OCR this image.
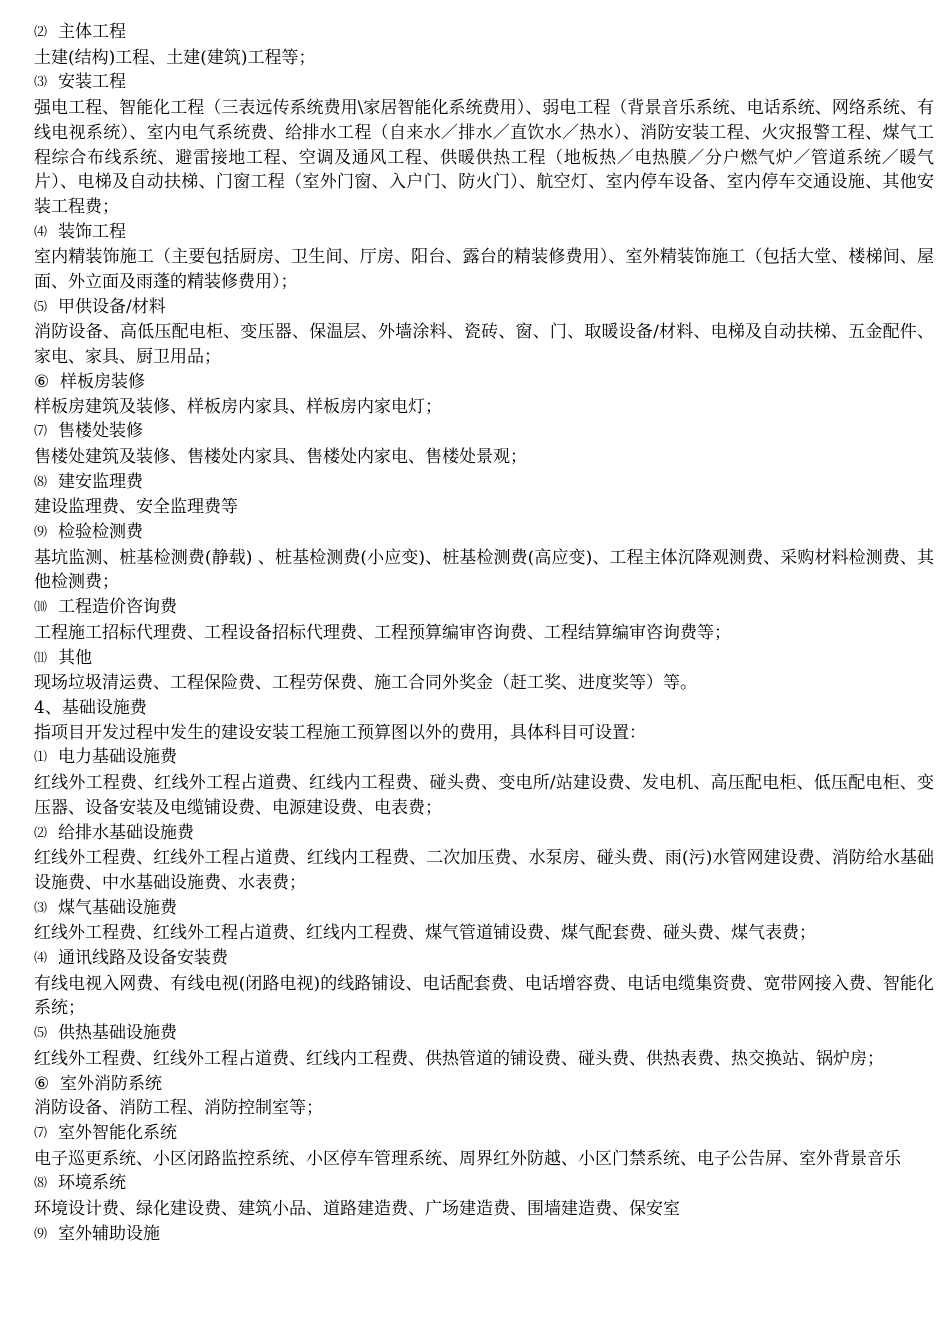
⑵ 主体工程

土建(结构)工程、土建(建筑)工程等；

⑶ 安装工程

强电工程、智能化工程（三表远传系统费用\家居智能化系统费用）、弱电工程（背景音乐系统、电话系统、网络系统、有线电视系统）、室内电气系统费、给排水工程（自来水／排水／直饮水／热水）、消防安装工程、火灾报警工程、煤气工程综合布线系统、避雷接地工程、空调及通风工程、供暖供热工程（地板热／电热膜／分户燃气炉／管道系统／暖气片）、电梯及自动扶梯、门窗工程（室外门窗、入户门、防火门）、航空灯、室内停车设备、室内停车交通设施、其他安装工程费；

⑷ 装饰工程

室内精装饰施工（主要包括厨房、卫生间、厅房、阳台、露台的精装修费用）、室外精装饰施工（包括大堂、楼梯间、屋面、外立面及雨蓬的精装修费用）；

⑸ 甲供设备/材料

消防设备、高低压配电柜、变压器、保温层、外墙涂料、瓷砖、窗、门、取暖设备/材料、电梯及自动扶梯、五金配件、家电、家具、厨卫用品；

⑥ 样板房装修

样板房建筑及装修、样板房内家具、样板房内家电灯；

⑺ 售楼处装修

售楼处建筑及装修、售楼处内家具、售楼处内家电、售楼处景观；

⑻ 建安监理费

建设监理费、安全监理费等

⑼ 检验检测费

基坑监测、桩基检测费(静载) 、桩基检测费(小应变)、桩基检测费(高应变)、工程主体沉降观测费、采购材料检测费、其他检测费；

⑽ 工程造价咨询费

工程施工招标代理费、工程设备招标代理费、工程预算编审咨询费、工程结算编审咨询费等；

⑾ 其他

现场垃圾清运费、工程保险费、工程劳保费、施工合同外奖金（赶工奖、进度奖等）等。

4、基础设施费

指项目开发过程中发生的建设安装工程施工预算图以外的费用，具体科目可设置：

⑴ 电力基础设施费

红线外工程费、红线外工程占道费、红线内工程费、碰头费、变电所/站建设费、发电机、高压配电柜、低压配电柜、变压器、设备安装及电缆铺设费、电源建设费、电表费；

⑵ 给排水基础设施费

红线外工程费、红线外工程占道费、红线内工程费、二次加压费、水泵房、碰头费、雨(污)水管网建设费、消防给水基础设施费、中水基础设施费、水表费；

⑶ 煤气基础设施费

红线外工程费、红线外工程占道费、红线内工程费、煤气管道铺设费、煤气配套费、碰头费、煤气表费；

⑷ 通讯线路及设备安装费

有线电视入网费、有线电视(闭路电视)的线路铺设、电话配套费、电话增容费、电话电缆集资费、宽带网接入费、智能化系统；

⑸ 供热基础设施费

红线外工程费、红线外工程占道费、红线内工程费、供热管道的铺设费、碰头费、供热表费、热交换站、锅炉房；

⑥ 室外消防系统

消防设备、消防工程、消防控制室等；

⑺ 室外智能化系统

电子巡更系统、小区闭路监控系统、小区停车管理系统、周界红外防越、小区门禁系统、电子公告屏、室外背景音乐

⑻ 环境系统

环境设计费、绿化建设费、建筑小品、道路建造费、广场建造费、围墙建造费、保安室

⑼ 室外辅助设施
